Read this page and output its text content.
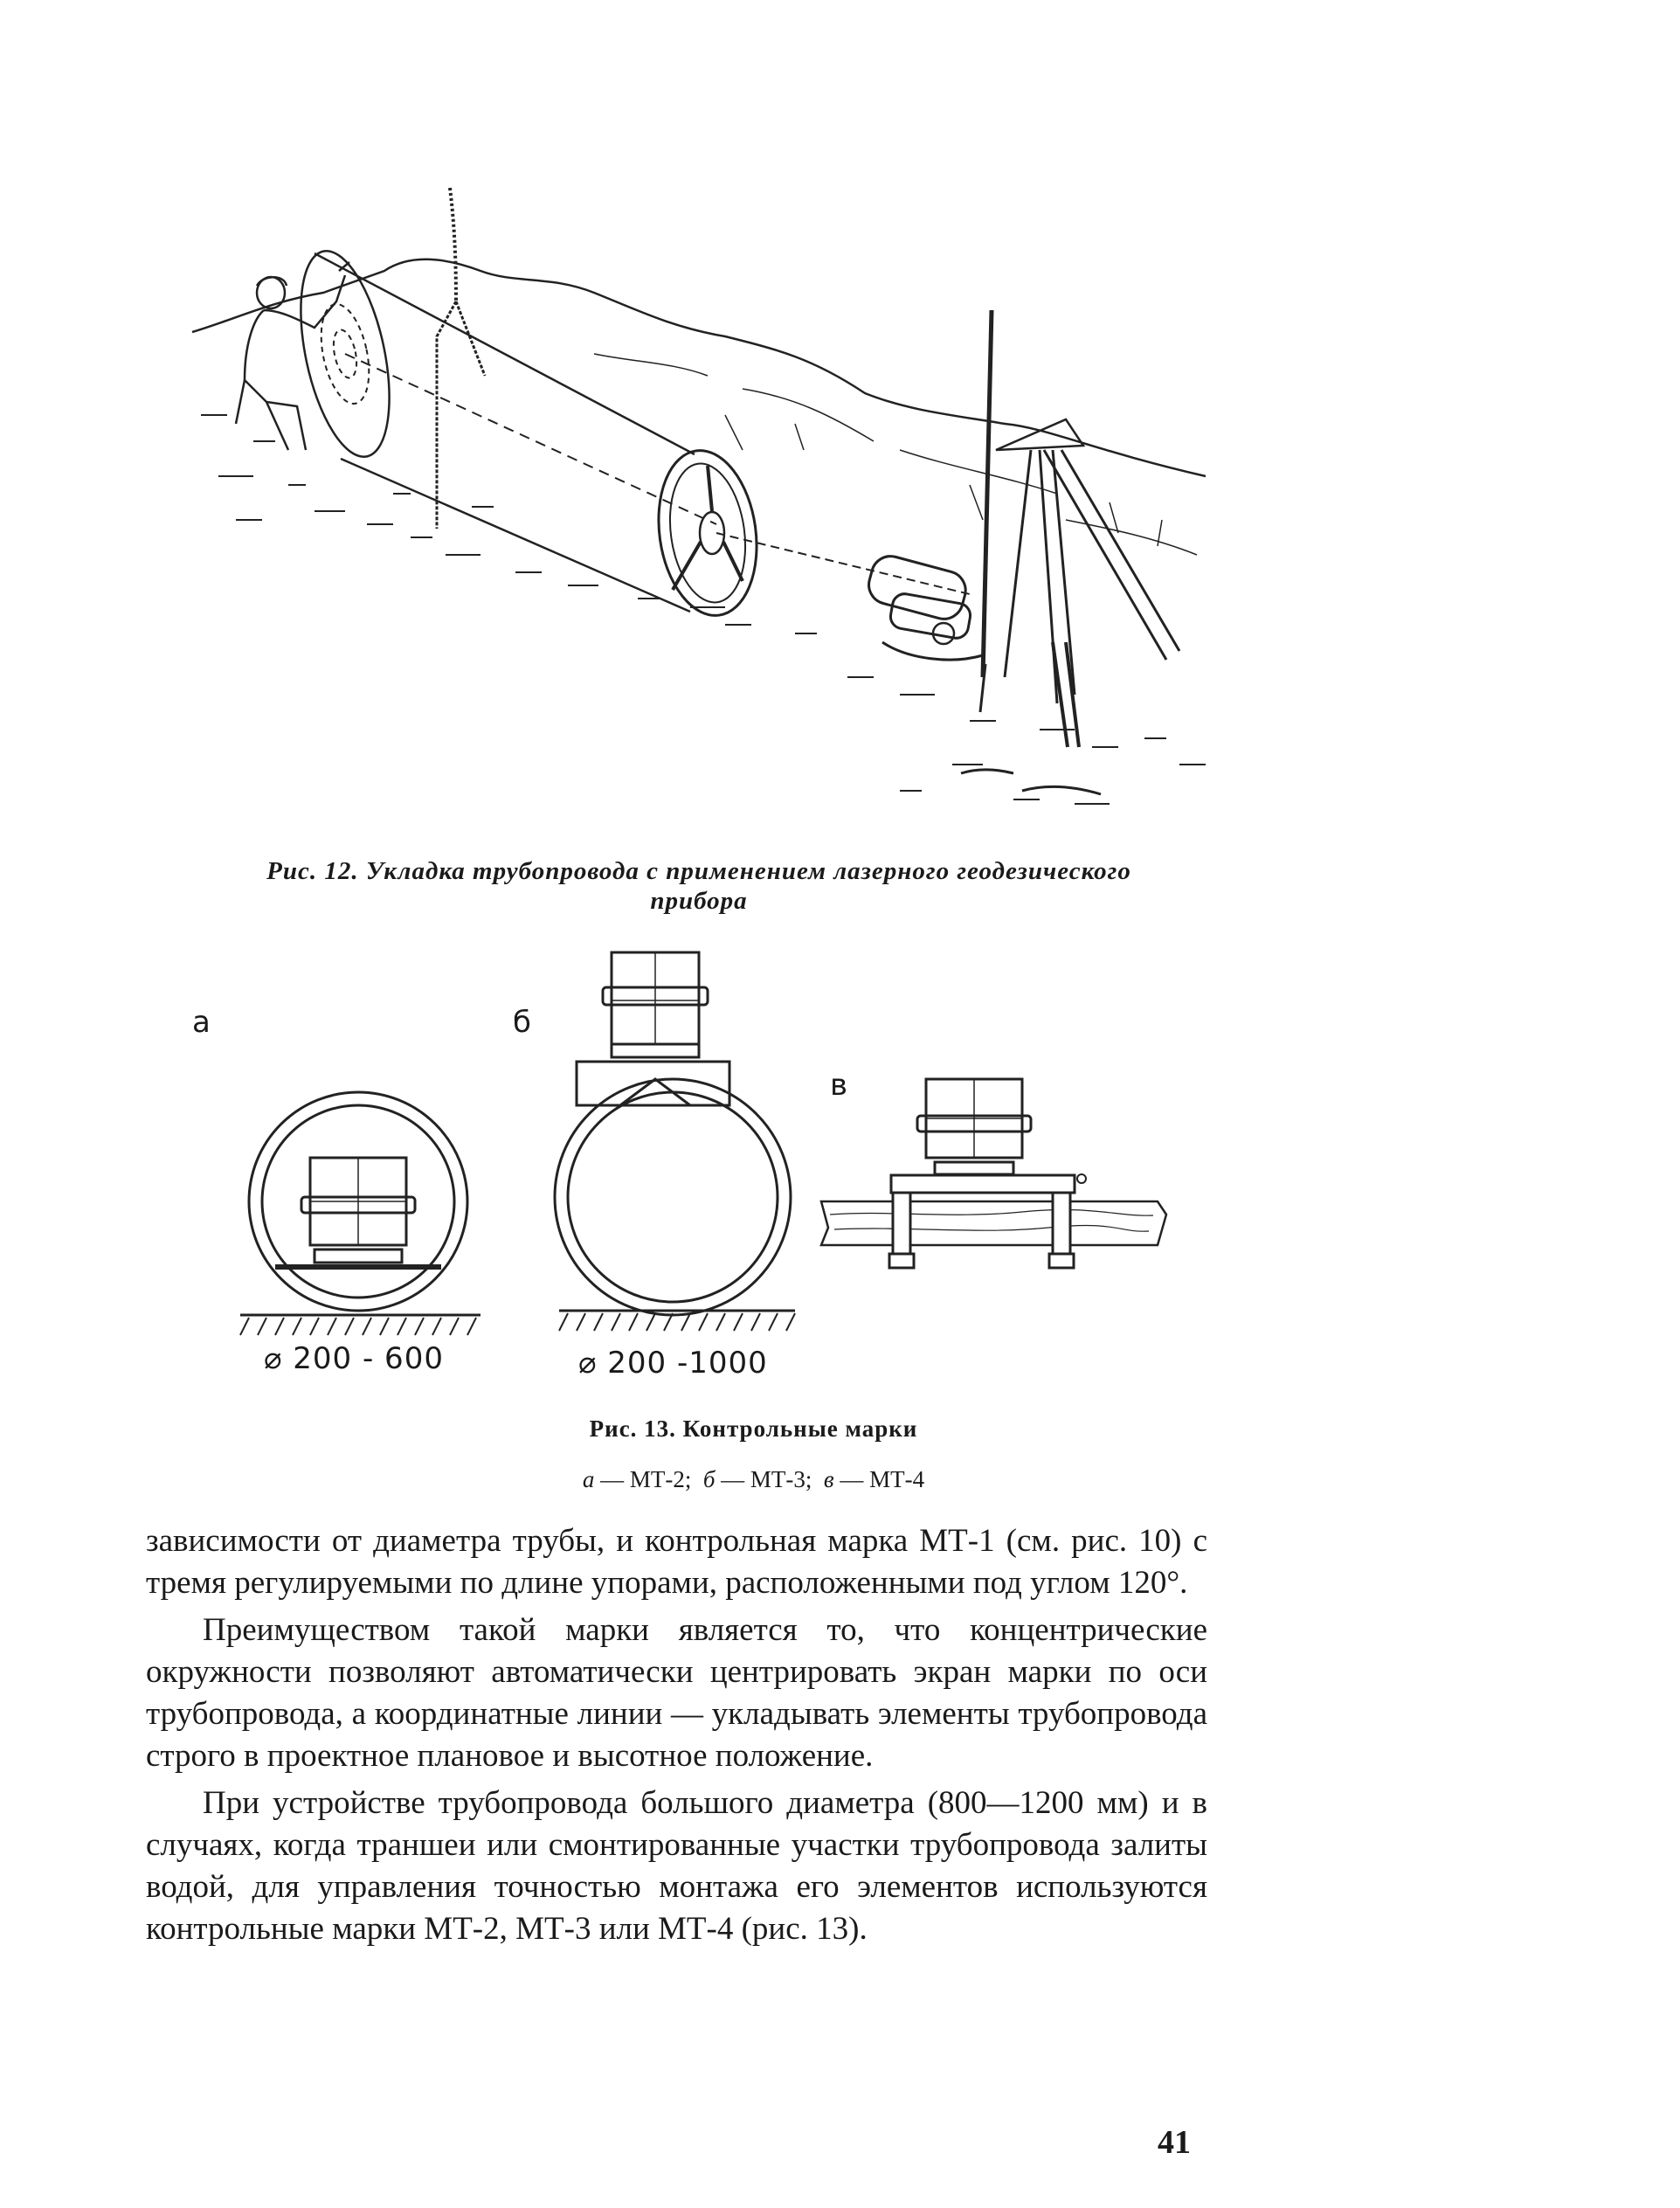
Рис. 12. Укладка трубопровода с применением лазерного геодезического
прибора
а	б
в
⌀ 200 - 600	⌀ 200 -1000
Рис. 13. Контрольные марки
а — МТ-2; б — МТ-3; в — МТ-4

зависимости от диаметра трубы, и контрольная марка МТ-1 (см. рис. 10) с тремя регулируемыми по длине упорами, расположенными под углом 120°.

Преимуществом такой марки является то, что концентрические окружности позволяют автоматически центрировать экран марки по оси трубопровода, а координатные линии — укладывать элементы трубопровода строго в проектное плановое и высотное положение.

При устройстве трубопровода большого диаметра (800—1200 мм) и в случаях, когда траншеи или смонтированные участки трубопровода залиты водой, для управления точностью монтажа его элементов используются контрольные марки МТ-2, МТ-3 или МТ-4 (рис. 13).

41
